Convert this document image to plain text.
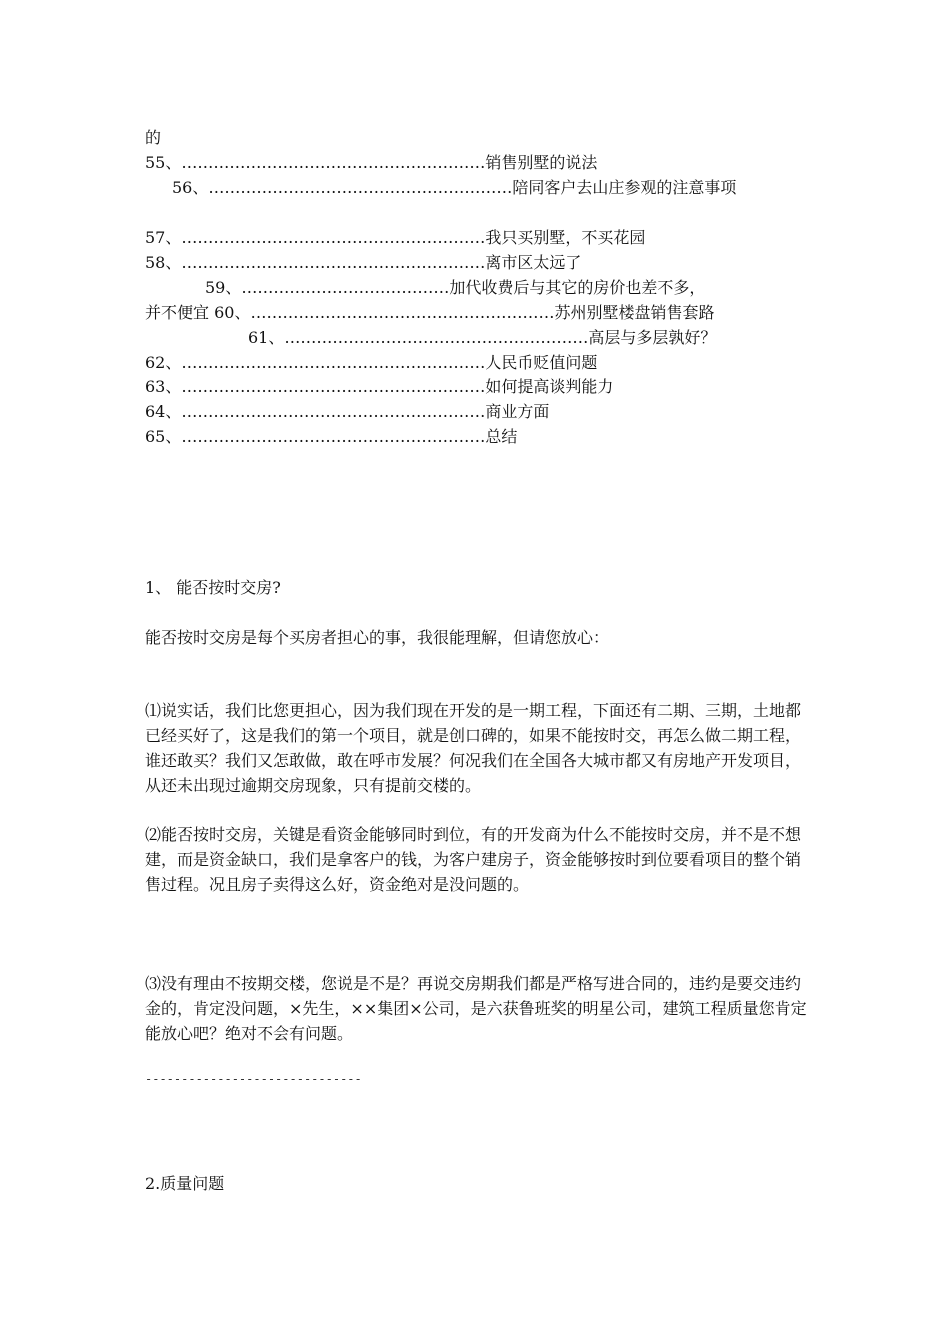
的
55、…………………………………………………销售别墅的说法
56、…………………………………………………陪同客户去山庄参观的注意事项
57、…………………………………………………我只买别墅，不买花园
58、…………………………………………………离市区太远了
59、…………………………………加代收费后与其它的房价也差不多，
并不便宜 60、…………………………………………………苏州别墅楼盘销售套路
61、…………………………………………………高层与多层孰好？
62、…………………………………………………人民币贬值问题
63、…………………………………………………如何提高谈判能力
64、…………………………………………………商业方面
65、…………………………………………………总结
1、 能否按时交房?
能否按时交房是每个买房者担心的事，我很能理解，但请您放心：

⑴说实话，我们比您更担心，因为我们现在开发的是一期工程，下面还有二期、三期，土地都已经买好了，这是我们的第一个项目，就是创口碑的，如果不能按时交，再怎么做二期工程，谁还敢买？我们又怎敢做，敢在呼市发展？何况我们在全国各大城市都又有房地产开发项目，从还未出现过逾期交房现象，只有提前交楼的。

⑵能否按时交房，关键是看资金能够同时到位，有的开发商为什么不能按时交房，并不是不想建，而是资金缺口，我们是拿客户的钱，为客户建房子，资金能够按时到位要看项目的整个销售过程。况且房子卖得这么好，资金绝对是没问题的。

⑶没有理由不按期交楼，您说是不是？再说交房期我们都是严格写进合同的，违约是要交违约金的，肯定没问题，×先生，××集团×公司，是六获鲁班奖的明星公司，建筑工程质量您肯定能放心吧？绝对不会有问题。

------------------------------
2.质量问题
